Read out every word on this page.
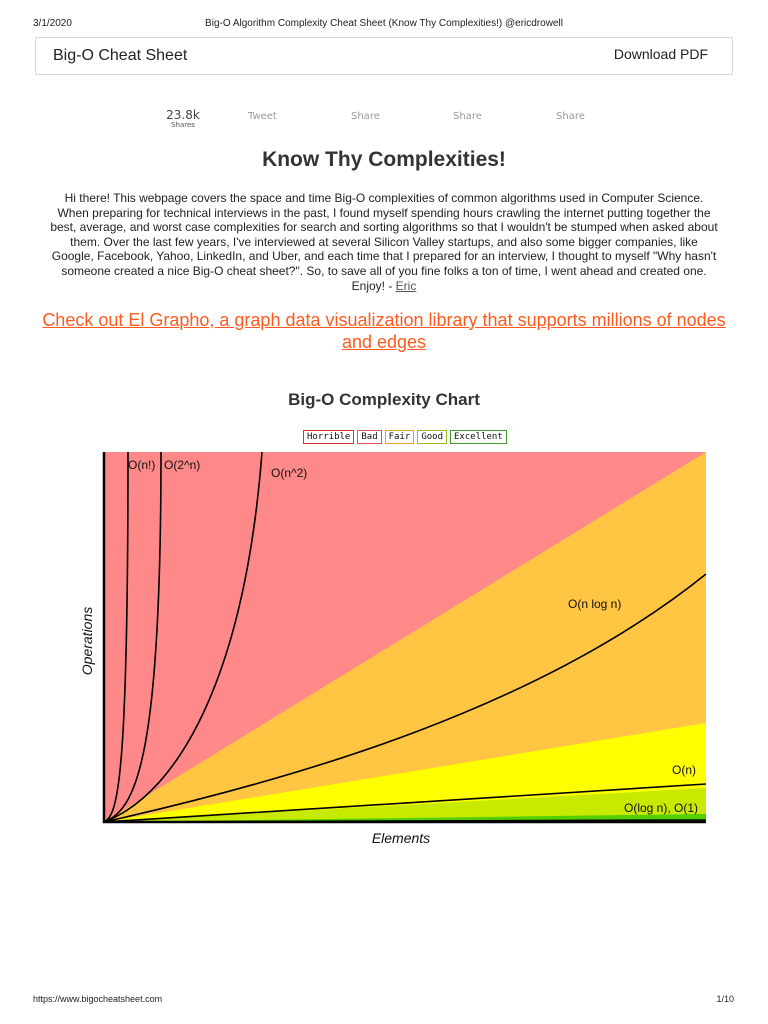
3/1/2020	Big-O Algorithm Complexity Cheat Sheet (Know Thy Complexities!) @ericdrowell
Big-O Cheat Sheet	Download PDF
23.8k
Shares
Tweet	Share	Share	Share
Know Thy Complexities!

Hi there! This webpage covers the space and time Big-O complexities of common algorithms used in Computer Science. When preparing for technical interviews in the past, I found myself spending hours crawling the internet putting together the best, average, and worst case complexities for search and sorting algorithms so that I wouldn't be stumped when asked about them. Over the last few years, I've interviewed at several Silicon Valley startups, and also some bigger companies, like Google, Facebook, Yahoo, LinkedIn, and Uber, and each time that I prepared for an interview, I thought to myself "Why hasn't someone created a nice Big-O cheat sheet?". So, to save all of you fine folks a ton of time, I went ahead and created one. Enjoy! - Eric

Check out El Grapho, a graph data visualization library that supports millions of nodes and edges
Big-O Complexity Chart
Horrible	Bad	Fair	Good	Excellent
O(n!) O(2^n)
O(n^2)
O(n log n)
O(n)
O(log n), O(1)
Elements
Operations
https://www.bigocheatsheet.com	1/10
